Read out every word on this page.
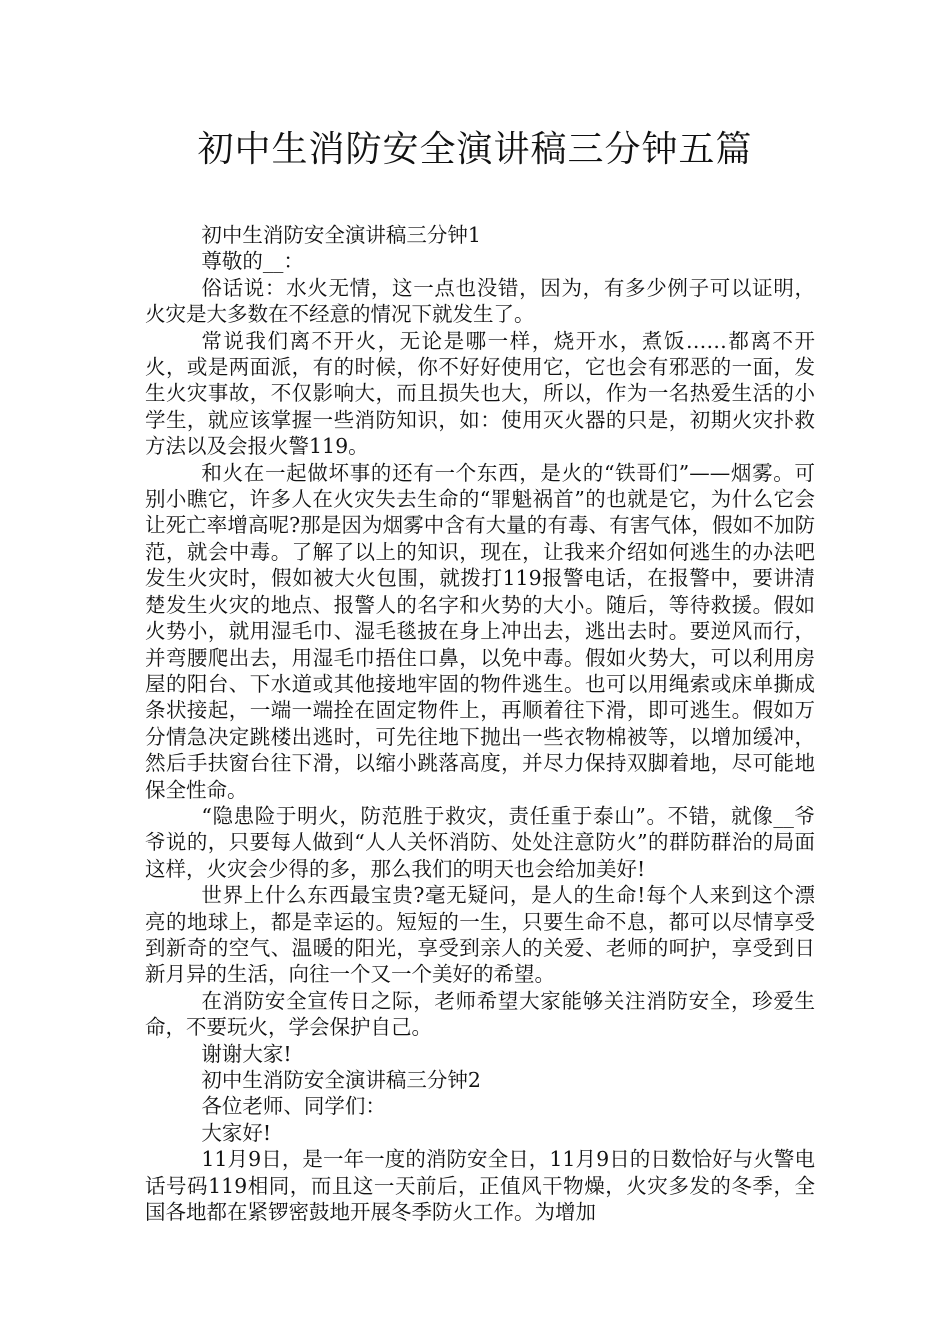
初中生消防安全演讲稿三分钟五篇

初中生消防安全演讲稿三分钟1

尊敬的__：

俗话说：水火无情，这一点也没错，因为，有多少例子可以证明，火灾是大多数在不经意的情况下就发生了。

常说我们离不开火，无论是哪一样，烧开水，煮饭……都离不开火，或是两面派，有的时候，你不好好使用它，它也会有邪恶的一面，发生火灾事故，不仅影响大，而且损失也大，所以，作为一名热爱生活的小学生，就应该掌握一些消防知识，如：使用灭火器的只是，初期火灾扑救方法以及会报火警119。

和火在一起做坏事的还有一个东西，是火的“铁哥们”——烟雾。可别小瞧它，许多人在火灾失去生命的“罪魁祸首”的也就是它，为什么它会让死亡率增高呢?那是因为烟雾中含有大量的有毒、有害气体，假如不加防范，就会中毒。了解了以上的知识，现在，让我来介绍如何逃生的办法吧发生火灾时，假如被大火包围，就拨打119报警电话，在报警中，要讲清楚发生火灾的地点、报警人的名字和火势的大小。随后，等待救援。假如火势小，就用湿毛巾、湿毛毯披在身上冲出去，逃出去时。要逆风而行，并弯腰爬出去，用湿毛巾捂住口鼻，以免中毒。假如火势大，可以利用房屋的阳台、下水道或其他接地牢固的物件逃生。也可以用绳索或床单撕成条状接起，一端一端拴在固定物件上，再顺着往下滑，即可逃生。假如万分情急决定跳楼出逃时，可先往地下抛出一些衣物棉被等，以增加缓冲，然后手扶窗台往下滑，以缩小跳落高度，并尽力保持双脚着地，尽可能地保全性命。

“隐患险于明火，防范胜于救灾，责任重于泰山”。不错，就像__爷爷说的，只要每人做到“人人关怀消防、处处注意防火”的群防群治的局面这样，火灾会少得的多，那么我们的明天也会给加美好!

世界上什么东西最宝贵?毫无疑问，是人的生命!每个人来到这个漂亮的地球上，都是幸运的。短短的一生，只要生命不息，都可以尽情享受到新奇的空气、温暖的阳光，享受到亲人的关爱、老师的呵护，享受到日新月异的生活，向往一个又一个美好的希望。

在消防安全宣传日之际，老师希望大家能够关注消防安全，珍爱生命，不要玩火，学会保护自己。

谢谢大家!

初中生消防安全演讲稿三分钟2

各位老师、同学们：

大家好!

11月9日，是一年一度的消防安全日，11月9日的日数恰好与火警电话号码119相同，而且这一天前后，正值风干物燥，火灾多发的冬季，全国各地都在紧锣密鼓地开展冬季防火工作。为增加
